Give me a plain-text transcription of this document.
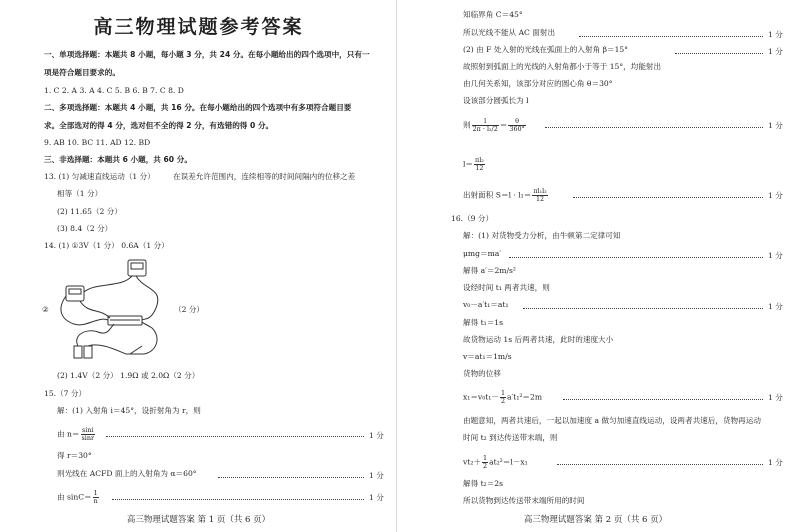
高三物理试题参考答案
一、单项选择题：本题共 8 小题，每小题 3 分，共 24 分。在每小题给出的四个选项中，只有一
项是符合题目要求的。
1. C 2. A 3. A 4. C 5. B 6. B 7. C 8. D
二、多项选择题：本题共 4 小题，共 16 分。在每小题给出的四个选项中有多项符合题目要
求。全部选对的得 4 分，选对但不全的得 2 分，有选错的得 0 分。
9. AB 10. BC 11. AD 12. BD
三、非选择题：本题共 6 小题，共 60 分。
13. (1) 匀减速直线运动（1 分） 在误差允许范围内，连续相等的时间间隔内的位移之差
相等（1 分）
(2) 11.65（2 分）
(3) 8.4（2 分）
14. (1) ①3V（1 分） 0.6A（1 分）
②	（2 分）
(2) 1.4V（2 分） 1.9Ω 或 2.0Ω（2 分）
15.（7 分）
解：(1) 入射角 i＝45°，设折射角为 r，则
由 $n= \frac{\sin i}{\sin r}$	1 分
得 r＝30°
则光线在 ACFD 面上的入射角为 α＝60°	1 分
由 $\sin C= \frac{1}{n}$	1 分
高三物理试题答案 第 1 页（共 6 页）
知临界角 C＝45°
所以光线不能从 AC 面射出	1 分
(2) 由 F 处入射的光线在弧面上的入射角 β＝15°	1 分
故照射到弧面上的光线的入射角都小于等于 15°，均能射出
由几何关系知，该部分对应的圆心角 θ＝30°
设该部分圆弧长为 l
则 $\frac{l}{\text{2π · l₂/2}} = \frac{\theta}{360^\circ}$	1 分
$l= \frac{\text{πl₂}}{12}$
出射面积 $S=l \cdot l_1= \frac{\text{πl₁l₂}}{12}$	1 分
16.（9 分）
解：(1) 对货物受力分析，由牛顿第二定律可知
μmg＝ma′	1 分
解得 a′＝2m/s²
设经时间 t₁ 两者共速，则
v₀－a′t₁＝at₁	1 分
解得 t₁＝1s
故货物运动 1s 后两者共速，此时的速度大小
v＝at₁＝1m/s
货物的位移
$x_1=v_0t_1- \frac{1}{2} a't_1^2=2m$	1 分
由题意知，两者共速后，一起以加速度 a 做匀加速直线运动，设两者共速后，货物再运动
时间 t₂ 到达传送带末端，则
$vt_2+ \frac{1}{2} at_2^2=l-x_1$	1 分
解得 t₂＝2s
所以货物到达传送带末端所用的时间
高三物理试题答案 第 2 页（共 6 页）
